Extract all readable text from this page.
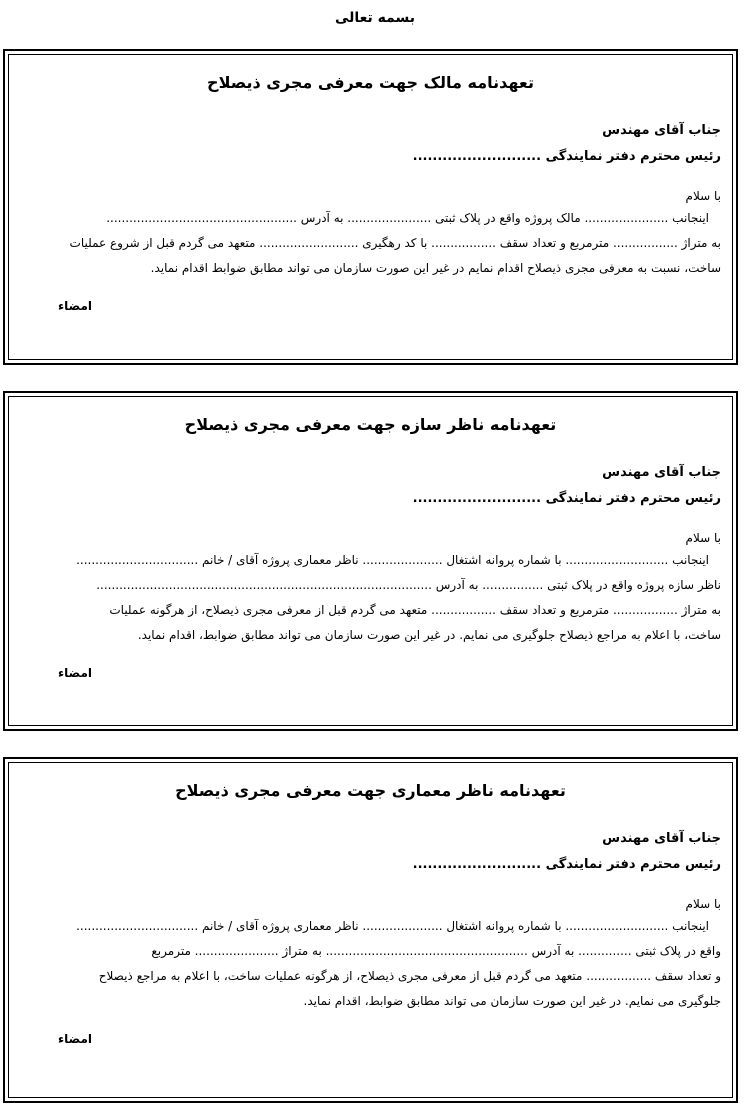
بسمه تعالی
تعهدنامه مالک جهت معرفی مجری ذیصلاح
جناب آقای مهندس
رئیس محترم دفتر نمایندگی ..........................
با سلام
اینجانب ...................... مالک پروژه واقع در پلاک ثبتی ...................... به آدرس ..................................................
به متراژ ................. مترمربع و تعداد سقف ................. با کد رهگیری .......................... متعهد می گردم قبل از شروع عملیات
ساخت، نسبت به معرفی مجری ذیصلاح اقدام نمایم در غیر این صورت سازمان می تواند مطابق ضوابط اقدام نماید.
امضاء
تعهدنامه ناظر سازه جهت معرفی مجری ذیصلاح
جناب آقای مهندس
رئیس محترم دفتر نمایندگی ..........................
با سلام
اینجانب ........................... با شماره پروانه اشتغال ..................... ناظر معماری پروژه آقای / خانم ................................
ناظر سازه پروژه واقع در پلاک ثبتی ................ به آدرس ........................................................................................
به متراژ ................. مترمربع و تعداد سقف ................. متعهد می گردم قبل از معرفی مجری ذیصلاح، از هرگونه عملیات
ساخت، با اعلام به مراجع ذیصلاح جلوگیری می نمایم. در غیر این صورت سازمان می تواند مطابق ضوابط، اقدام نماید.
امضاء
تعهدنامه ناظر معماری جهت معرفی مجری ذیصلاح
جناب آقای مهندس
رئیس محترم دفتر نمایندگی ..........................
با سلام
اینجانب ........................... با شماره پروانه اشتغال ..................... ناظر معماری پروژه آقای / خانم ................................
واقع در پلاک ثبتی .............. به آدرس ..................................................... به متراژ ...................... مترمربع
و تعداد سقف ................. متعهد می گردم قبل از معرفی مجری ذیصلاح، از هرگونه عملیات ساخت، با اعلام به مراجع ذیصلاح
جلوگیری می نمایم. در غیر این صورت سازمان می تواند مطابق ضوابط، اقدام نماید.
امضاء
